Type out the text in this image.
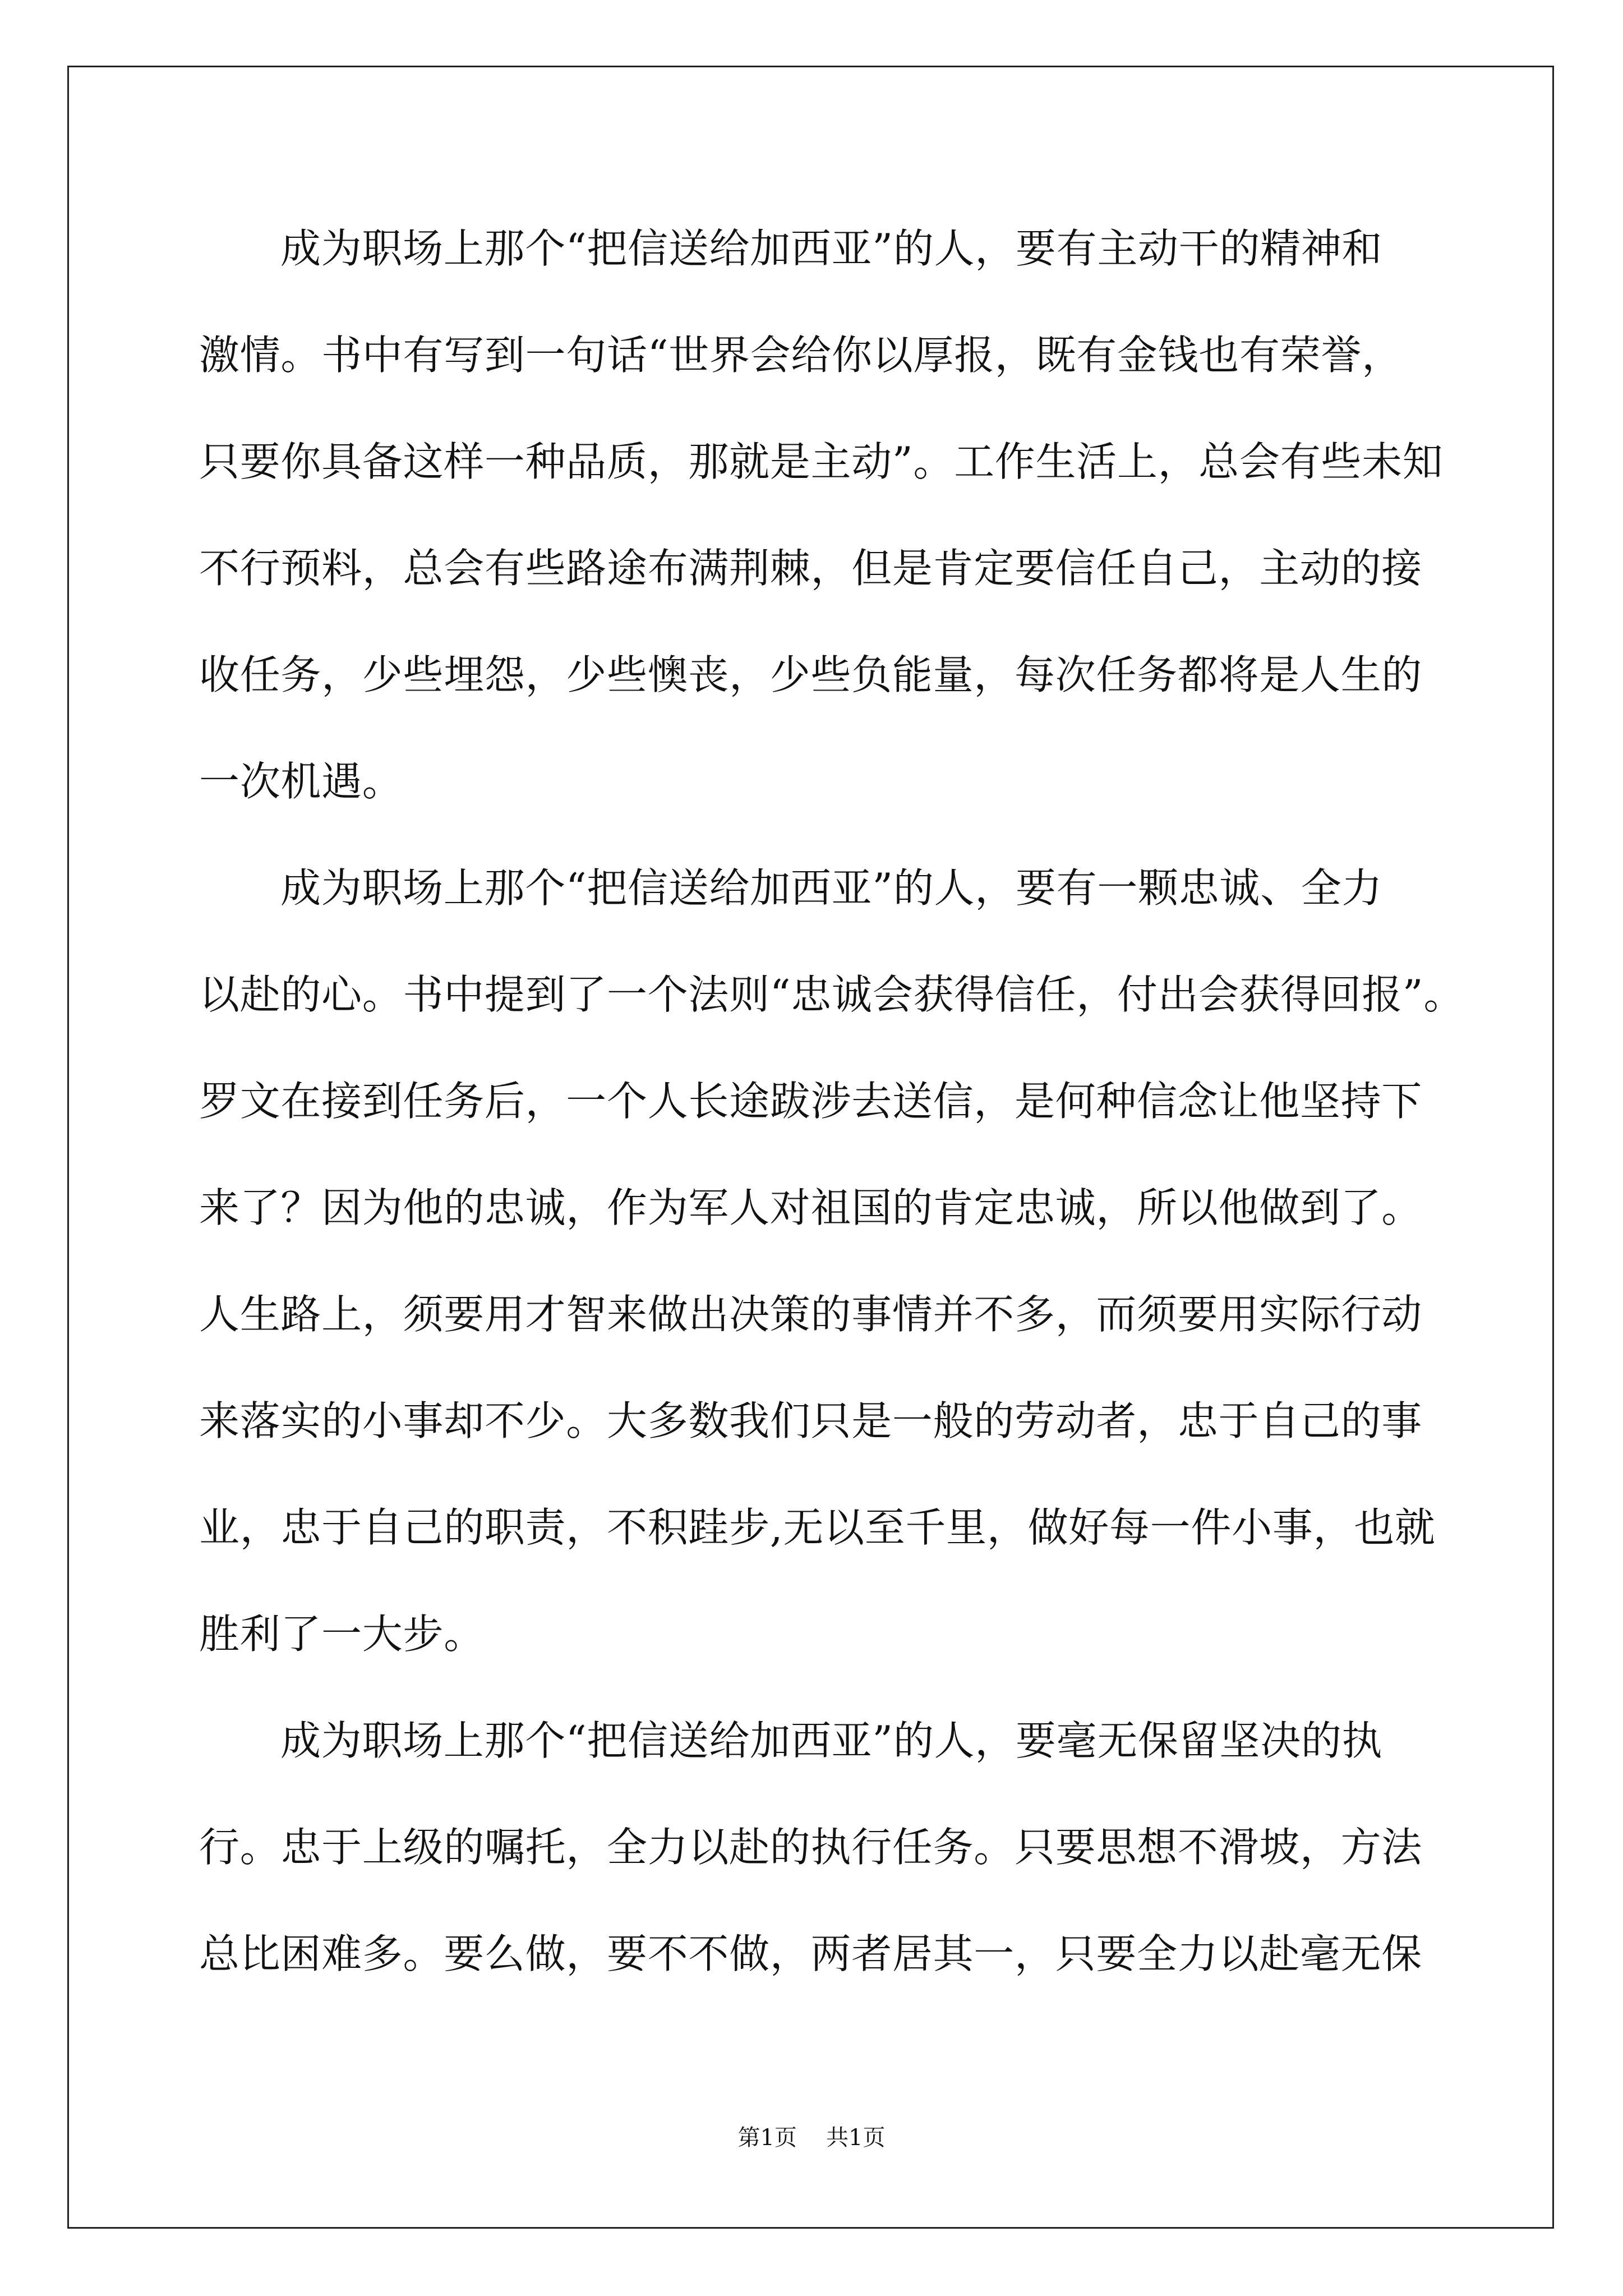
成为职场上那个“把信送给加西亚”的人，要有主动干的精神和
激情。书中有写到一句话“世界会给你以厚报，既有金钱也有荣誉，
只要你具备这样一种品质，那就是主动”。工作生活上，总会有些未知
不行预料，总会有些路途布满荆棘，但是肯定要信任自己，主动的接
收任务，少些埋怨，少些懊丧，少些负能量，每次任务都将是人生的
一次机遇。
成为职场上那个“把信送给加西亚”的人，要有一颗忠诚、全力
以赴的心。书中提到了一个法则“忠诚会获得信任，付出会获得回报”。
罗文在接到任务后，一个人长途跋涉去送信，是何种信念让他坚持下
来了？因为他的忠诚，作为军人对祖国的肯定忠诚，所以他做到了。
人生路上，须要用才智来做出决策的事情并不多，而须要用实际行动
来落实的小事却不少。大多数我们只是一般的劳动者，忠于自己的事
业，忠于自己的职责，不积跬步,无以至千里，做好每一件小事，也就
胜利了一大步。
成为职场上那个“把信送给加西亚”的人，要毫无保留坚决的执
行。忠于上级的嘱托，全力以赴的执行任务。只要思想不滑坡，方法
总比困难多。要么做，要不不做，两者居其一，只要全力以赴毫无保
第1页 共1页
